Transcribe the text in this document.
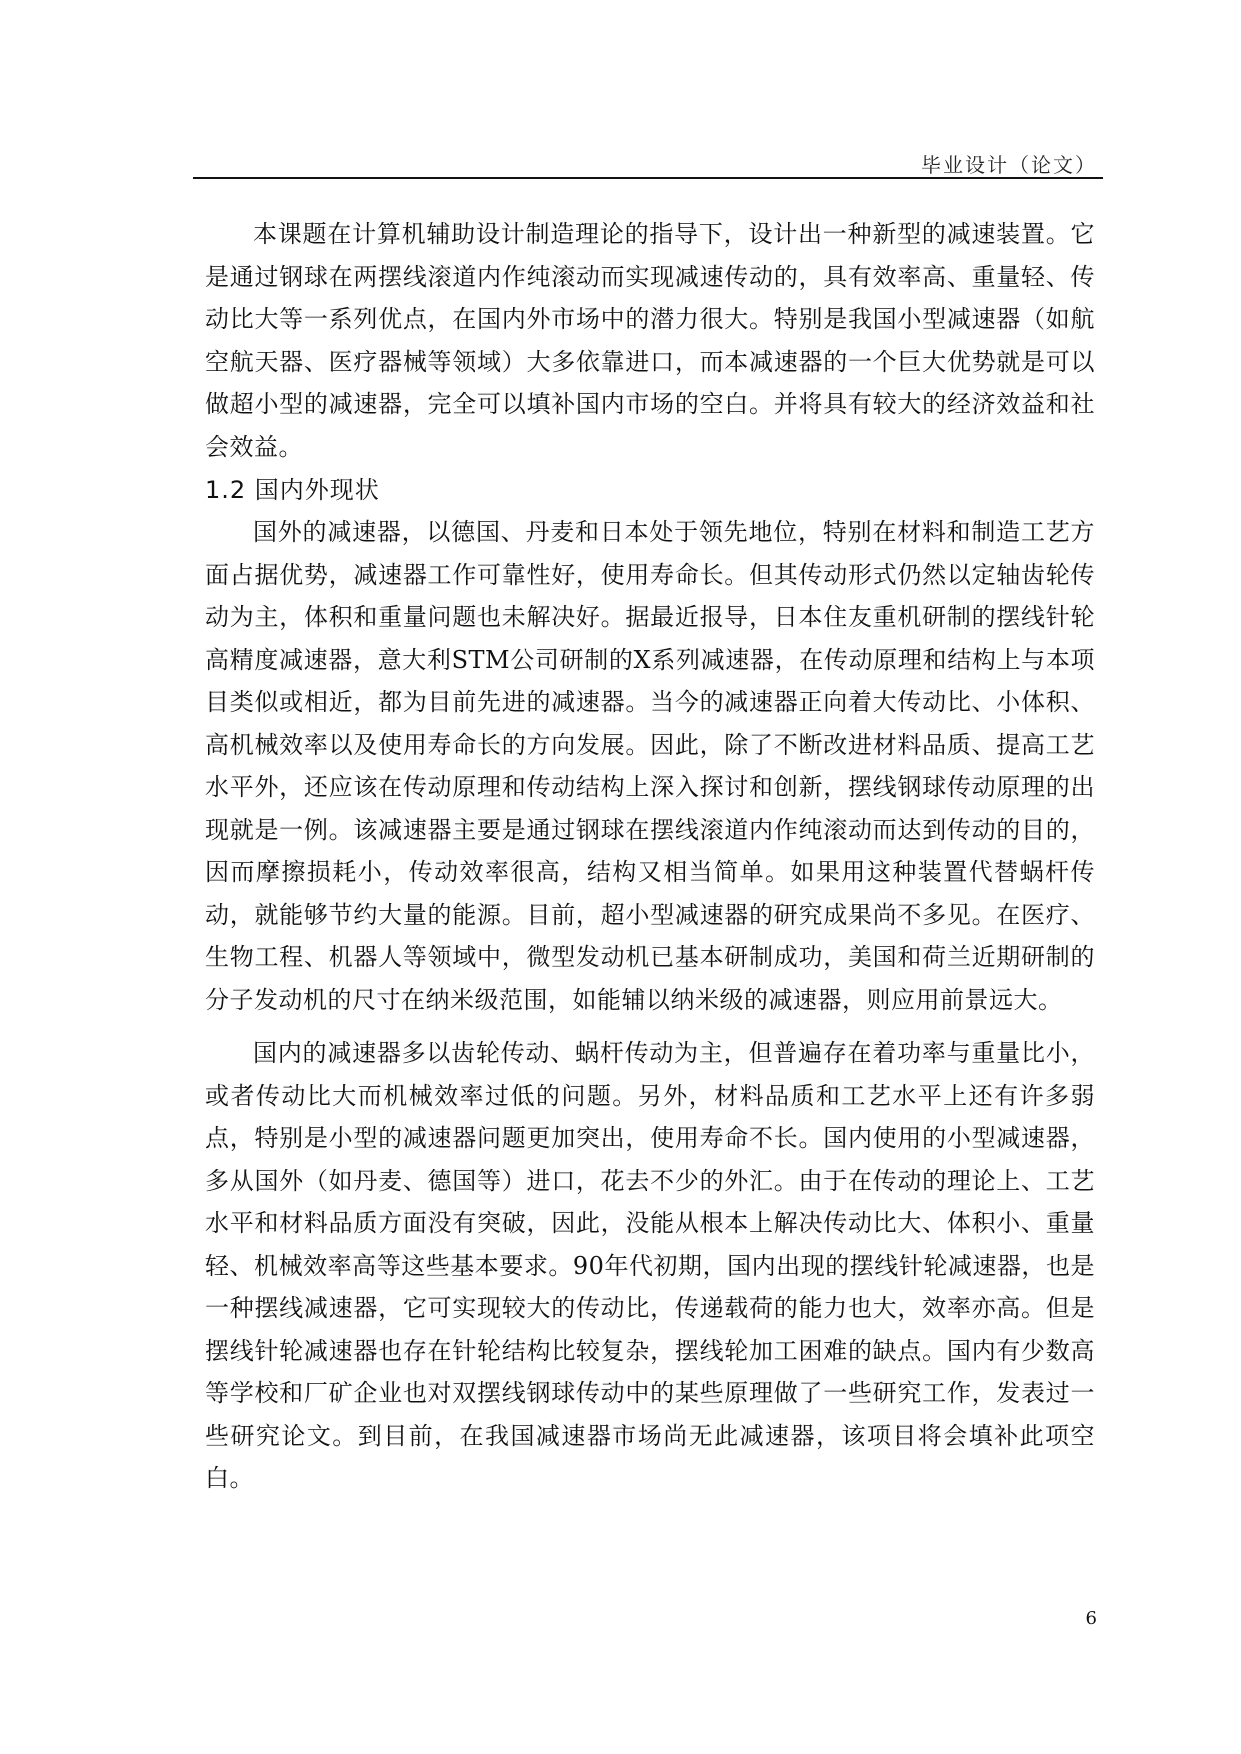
毕业设计（论文）

本课题在计算机辅助设计制造理论的指导下，设计出一种新型的减速装置。它是通过钢球在两摆线滚道内作纯滚动而实现减速传动的，具有效率高、重量轻、传动比大等一系列优点，在国内外市场中的潜力很大。特别是我国小型减速器（如航空航天器、医疗器械等领域）大多依靠进口，而本减速器的一个巨大优势就是可以做超小型的减速器，完全可以填补国内市场的空白。并将具有较大的经济效益和社会效益。

1.2 国内外现状

国外的减速器，以德国、丹麦和日本处于领先地位，特别在材料和制造工艺方面占据优势，减速器工作可靠性好，使用寿命长。但其传动形式仍然以定轴齿轮传动为主，体积和重量问题也未解决好。据最近报导，日本住友重机研制的摆线针轮高精度减速器，意大利STM公司研制的X系列减速器，在传动原理和结构上与本项目类似或相近，都为目前先进的减速器。当今的减速器正向着大传动比、小体积、高机械效率以及使用寿命长的方向发展。因此，除了不断改进材料品质、提高工艺水平外，还应该在传动原理和传动结构上深入探讨和创新，摆线钢球传动原理的出现就是一例。该减速器主要是通过钢球在摆线滚道内作纯滚动而达到传动的目的，因而摩擦损耗小，传动效率很高，结构又相当简单。如果用这种装置代替蜗杆传动，就能够节约大量的能源。目前，超小型减速器的研究成果尚不多见。在医疗、生物工程、机器人等领域中，微型发动机已基本研制成功，美国和荷兰近期研制的分子发动机的尺寸在纳米级范围，如能辅以纳米级的减速器，则应用前景远大。

国内的减速器多以齿轮传动、蜗杆传动为主，但普遍存在着功率与重量比小，或者传动比大而机械效率过低的问题。另外，材料品质和工艺水平上还有许多弱点，特别是小型的减速器问题更加突出，使用寿命不长。国内使用的小型减速器，多从国外（如丹麦、德国等）进口，花去不少的外汇。由于在传动的理论上、工艺水平和材料品质方面没有突破，因此，没能从根本上解决传动比大、体积小、重量轻、机械效率高等这些基本要求。90年代初期，国内出现的摆线针轮减速器，也是一种摆线减速器，它可实现较大的传动比，传递载荷的能力也大，效率亦高。但是摆线针轮减速器也存在针轮结构比较复杂，摆线轮加工困难的缺点。国内有少数高等学校和厂矿企业也对双摆线钢球传动中的某些原理做了一些研究工作，发表过一些研究论文。到目前，在我国减速器市场尚无此减速器，该项目将会填补此项空白。

6
